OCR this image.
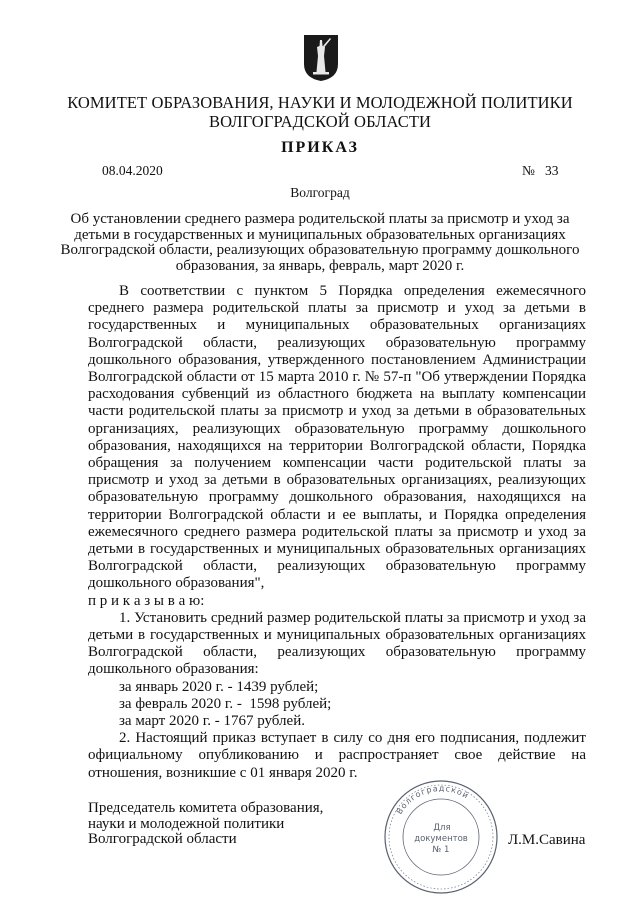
КОМИТЕТ ОБРАЗОВАНИЯ, НАУКИ И МОЛОДЕЖНОЙ ПОЛИТИКИ
ВОЛГОГРАДСКОЙ ОБЛАСТИ
ПРИКАЗ
08.04.2020	№   33
Волгоград
Об установлении среднего размера родительской платы за присмотр и уход за детьми в государственных и муниципальных образовательных организациях Волгоградской области, реализующих образовательную программу дошкольного образования, за январь, февраль, март 2020 г.

В соответствии с пунктом 5 Порядка определения ежемесячного среднего размера родительской платы за присмотр и уход за детьми в государственных и муниципальных образовательных организациях Волгоградской области, реализующих образовательную программу дошкольного образования, утвержденного постановлением Администрации Волгоградской области от 15 марта 2010 г. № 57-п "Об утверждении Порядка расходования субвенций из областного бюджета на выплату компенсации части родительской платы за присмотр и уход за детьми в образовательных организациях, реализующих образовательную программу дошкольного образования, находящихся на территории Волгоградской области, Порядка обращения за получением компенсации части родительской платы за присмотр и уход за детьми в образовательных организациях, реализующих образовательную программу дошкольного образования, находящихся на территории Волгоградской области и ее выплаты, и Порядка определения ежемесячного среднего размера родительской платы за присмотр и уход за детьми в государственных и муниципальных образовательных организациях Волгоградской области, реализующих образовательную программу дошкольного образования",

п р и к а з ы в а ю:

1. Установить средний размер родительской платы за присмотр и уход за детьми в государственных и муниципальных образовательных организациях Волгоградской области, реализующих образовательную программу дошкольного образования:

за январь 2020 г. - 1439 рублей;

за февраль 2020 г. -  1598 рублей;

за март 2020 г. - 1767 рублей.

2. Настоящий приказ вступает в силу со дня его подписания, подлежит официальному опубликованию и распространяет свое действие на отношения, возникшие с 01 января 2020 г.

Председатель комитета образования,
науки и молодежной политики
Волгоградской области
Волгоградской
Для
документов
№ 1
Л.М.Савина
